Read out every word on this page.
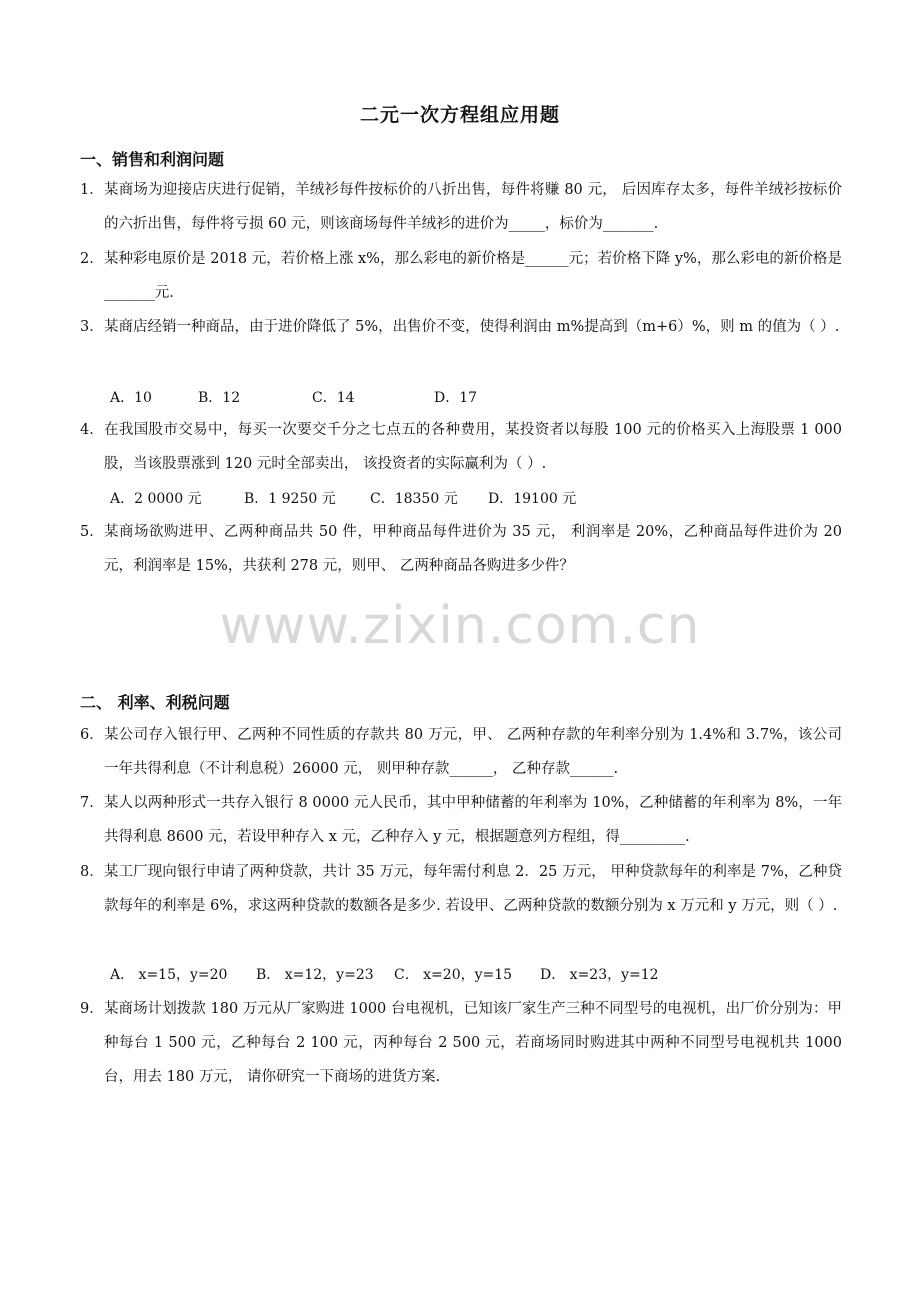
二元一次方程组应用题
一、销售和利润问题
1． 某商场为迎接店庆进行促销，羊绒衫每件按标价的八折出售，每件将赚 80 元， 后因库存太多，每件羊绒衫按标价的六折出售，每件将亏损 60 元，则该商场每件羊绒衫的进价为_____，标价为_______.
2． 某种彩电原价是 2018 元，若价格上涨 x%，那么彩电的新价格是______元；若价格下降 y%，那么彩电的新价格是_______元.
3． 某商店经销一种商品，由于进价降低了 5%，出售价不变，使得利润由 m%提高到（m+6）%，则 m 的值为（ ）.
A．10	B．12	C．14	D．17
4． 在我国股市交易中，每买一次要交千分之七点五的各种费用，某投资者以每股 100 元的价格买入上海股票 1 000 股，当该股票涨到 120 元时全部卖出， 该投资者的实际赢利为（ ）.
A．2 0000 元	B．1 9250 元 C．18350 元 D．19100 元
5． 某商场欲购进甲、乙两种商品共 50 件，甲种商品每件进价为 35 元， 利润率是 20%，乙种商品每件进价为 20 元，利润率是 15%，共获利 278 元，则甲、 乙两种商品各购进多少件？
www.zixin.com.cn
二、 利率、利税问题
6． 某公司存入银行甲、乙两种不同性质的存款共 80 万元，甲、 乙两种存款的年利率分别为 1.4%和 3.7%，该公司一年共得利息（不计利息税）26000 元， 则甲种存款______， 乙种存款______.
7． 某人以两种形式一共存入银行 8 0000 元人民币，其中甲种储蓄的年利率为 10%，乙种储蓄的年利率为 8%，一年共得利息 8600 元，若设甲种存入 x 元，乙种存入 y 元，根据题意列方程组，得_________.
8． 某工厂现向银行申请了两种贷款，共计 35 万元，每年需付利息 2．25 万元， 甲种贷款每年的利率是 7%，乙种贷款每年的利率是 6%，求这两种贷款的数额各是多少. 若设甲、乙两种贷款的数额分别为 x 万元和 y 万元，则（ ）.
A． x=15，y=20 B． x=12，y=23 C． x=20，y=15 D． x=23，y=12
9． 某商场计划拨款 180 万元从厂家购进 1000 台电视机，已知该厂家生产三种不同型号的电视机，出厂价分别为：甲种每台 1 500 元，乙种每台 2 100 元，丙种每台 2 500 元，若商场同时购进其中两种不同型号电视机共 1000 台，用去 180 万元， 请你研究一下商场的进货方案.
